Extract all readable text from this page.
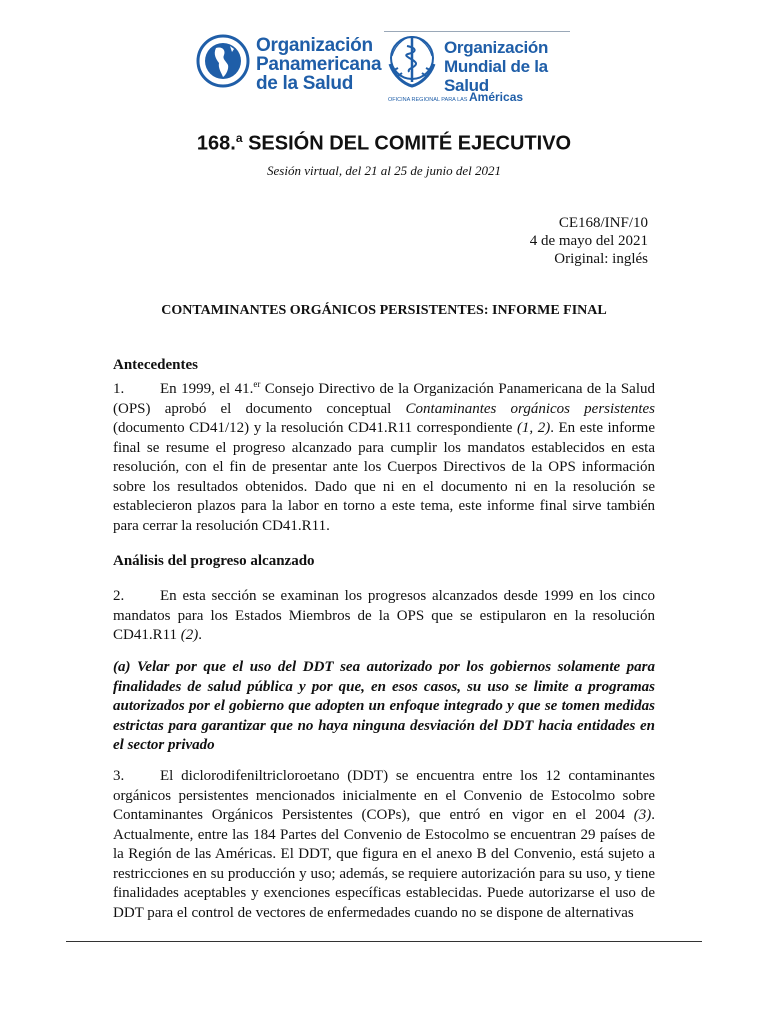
Organización
Panamericana
de la Salud
Organización
Mundial de la Salud
OFICINA REGIONAL PARA LAS Américas
168.$^a$ SESIÓN DEL COMITÉ EJECUTIVO
Sesión virtual, del 21 al 25 de junio del 2021
CE168/INF/10
4 de mayo del 2021
Original: inglés
CONTAMINANTES ORGÁNICOS PERSISTENTES: INFORME FINAL
Antecedentes
1. En 1999, el 41.$^{er}$ Consejo Directivo de la Organización Panamericana de la Salud (OPS) aprobó el documento conceptual Contaminantes orgánicos persistentes (documento CD41/12) y la resolución CD41.R11 correspondiente (1, 2). En este informe final se resume el progreso alcanzado para cumplir los mandatos establecidos en esta resolución, con el fin de presentar ante los Cuerpos Directivos de la OPS información sobre los resultados obtenidos. Dado que ni en el documento ni en la resolución se establecieron plazos para la labor en torno a este tema, este informe final sirve también para cerrar la resolución CD41.R11.
Análisis del progreso alcanzado
2. En esta sección se examinan los progresos alcanzados desde 1999 en los cinco mandatos para los Estados Miembros de la OPS que se estipularon en la resolución CD41.R11 (2).
(a) Velar por que el uso del DDT sea autorizado por los gobiernos solamente para finalidades de salud pública y por que, en esos casos, su uso se limite a programas autorizados por el gobierno que adopten un enfoque integrado y que se tomen medidas estrictas para garantizar que no haya ninguna desviación del DDT hacia entidades en el sector privado
3. El diclorodifeniltricloroetano (DDT) se encuentra entre los 12 contaminantes orgánicos persistentes mencionados inicialmente en el Convenio de Estocolmo sobre Contaminantes Orgánicos Persistentes (COPs), que entró en vigor en el 2004 (3). Actualmente, entre las 184 Partes del Convenio de Estocolmo se encuentran 29 países de la Región de las Américas. El DDT, que figura en el anexo B del Convenio, está sujeto a restricciones en su producción y uso; además, se requiere autorización para su uso, y tiene finalidades aceptables y exenciones específicas establecidas. Puede autorizarse el uso de DDT para el control de vectores de enfermedades cuando no se dispone de alternativas
